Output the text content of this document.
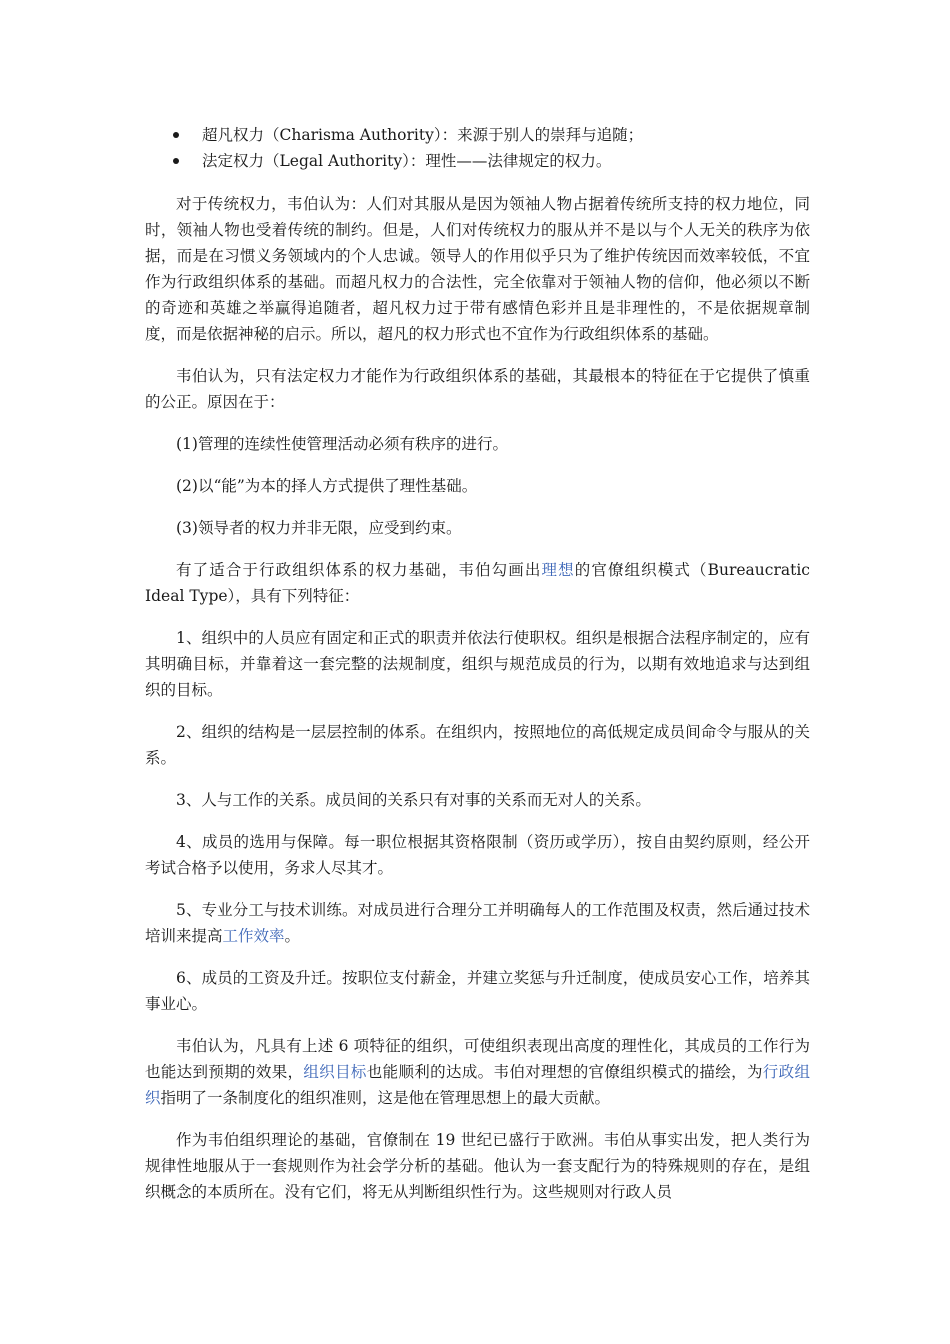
超凡权力（Charisma Authority）：来源于别人的崇拜与追随；
法定权力（Legal Authority）：理性——法律规定的权力。

对于传统权力，韦伯认为：人们对其服从是因为领袖人物占据着传统所支持的权力地位，同时，领袖人物也受着传统的制约。但是，人们对传统权力的服从并不是以与个人无关的秩序为依据，而是在习惯义务领域内的个人忠诚。领导人的作用似乎只为了维护传统因而效率较低，不宜作为行政组织体系的基础。而超凡权力的合法性，完全依靠对于领袖人物的信仰，他必须以不断的奇迹和英雄之举赢得追随者，超凡权力过于带有感情色彩并且是非理性的，不是依据规章制度，而是依据神秘的启示。所以，超凡的权力形式也不宜作为行政组织体系的基础。

韦伯认为，只有法定权力才能作为行政组织体系的基础，其最根本的特征在于它提供了慎重的公正。原因在于：

(1)管理的连续性使管理活动必须有秩序的进行。

(2)以“能”为本的择人方式提供了理性基础。

(3)领导者的权力并非无限，应受到约束。

有了适合于行政组织体系的权力基础，韦伯勾画出理想的官僚组织模式（Bureaucratic Ideal Type），具有下列特征：

1、组织中的人员应有固定和正式的职责并依法行使职权。组织是根据合法程序制定的，应有其明确目标，并靠着这一套完整的法规制度，组织与规范成员的行为，以期有效地追求与达到组织的目标。

2、组织的结构是一层层控制的体系。在组织内，按照地位的高低规定成员间命令与服从的关系。

3、人与工作的关系。成员间的关系只有对事的关系而无对人的关系。

4、成员的选用与保障。每一职位根据其资格限制（资历或学历），按自由契约原则，经公开考试合格予以使用，务求人尽其才。

5、专业分工与技术训练。对成员进行合理分工并明确每人的工作范围及权责，然后通过技术培训来提高工作效率。

6、成员的工资及升迁。按职位支付薪金，并建立奖惩与升迁制度，使成员安心工作，培养其事业心。

韦伯认为，凡具有上述 6 项特征的组织，可使组织表现出高度的理性化，其成员的工作行为也能达到预期的效果，组织目标也能顺利的达成。韦伯对理想的官僚组织模式的描绘，为行政组织指明了一条制度化的组织准则，这是他在管理思想上的最大贡献。

作为韦伯组织理论的基础，官僚制在 19 世纪已盛行于欧洲。韦伯从事实出发，把人类行为规律性地服从于一套规则作为社会学分析的基础。他认为一套支配行为的特殊规则的存在，是组织概念的本质所在。没有它们，将无从判断组织性行为。这些规则对行政人员
